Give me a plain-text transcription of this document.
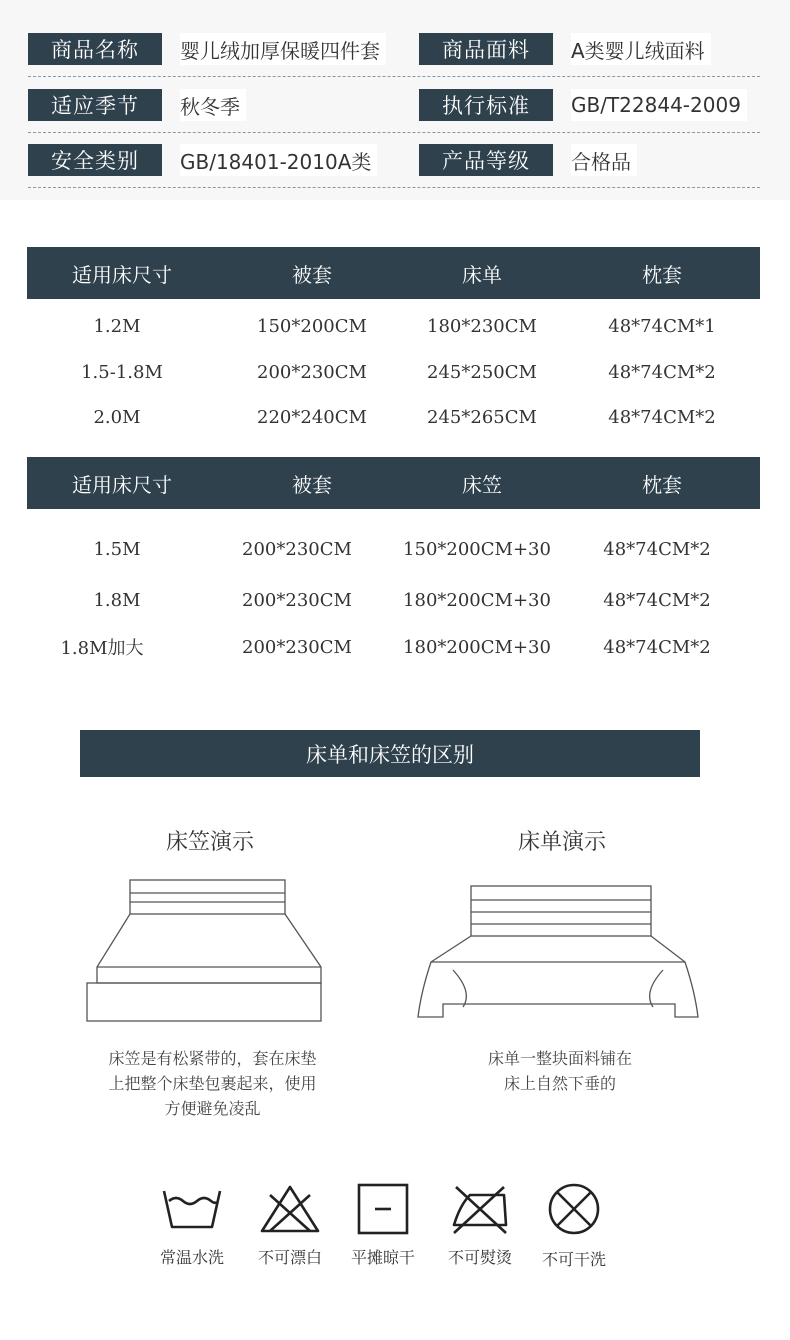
商品名称	婴儿绒加厚保暖四件套	商品面料	A类婴儿绒面料
适应季节	秋冬季	执行标准	GB/T22844-2009
安全类别	GB/18401-2010A类	产品等级	合格品
适用床尺寸	被套	床单	枕套
1.2M	150*200CM	180*230CM	48*74CM*1
1.5-1.8M	200*230CM	245*250CM	48*74CM*2
2.0M	220*240CM	245*265CM	48*74CM*2
适用床尺寸	被套	床笠	枕套
1.5M	200*230CM	150*200CM+30	48*74CM*2
1.8M	200*230CM	180*200CM+30	48*74CM*2
1.8M加大	200*230CM	180*200CM+30	48*74CM*2
床单和床笠的区别
床笠演示	床单演示
床笠是有松紧带的，套在床垫
上把整个床垫包裹起来，使用
方便避免凌乱
床单一整块面料铺在
床上自然下垂的
常温水洗	不可漂白	平摊晾干	不可熨烫	不可干洗
